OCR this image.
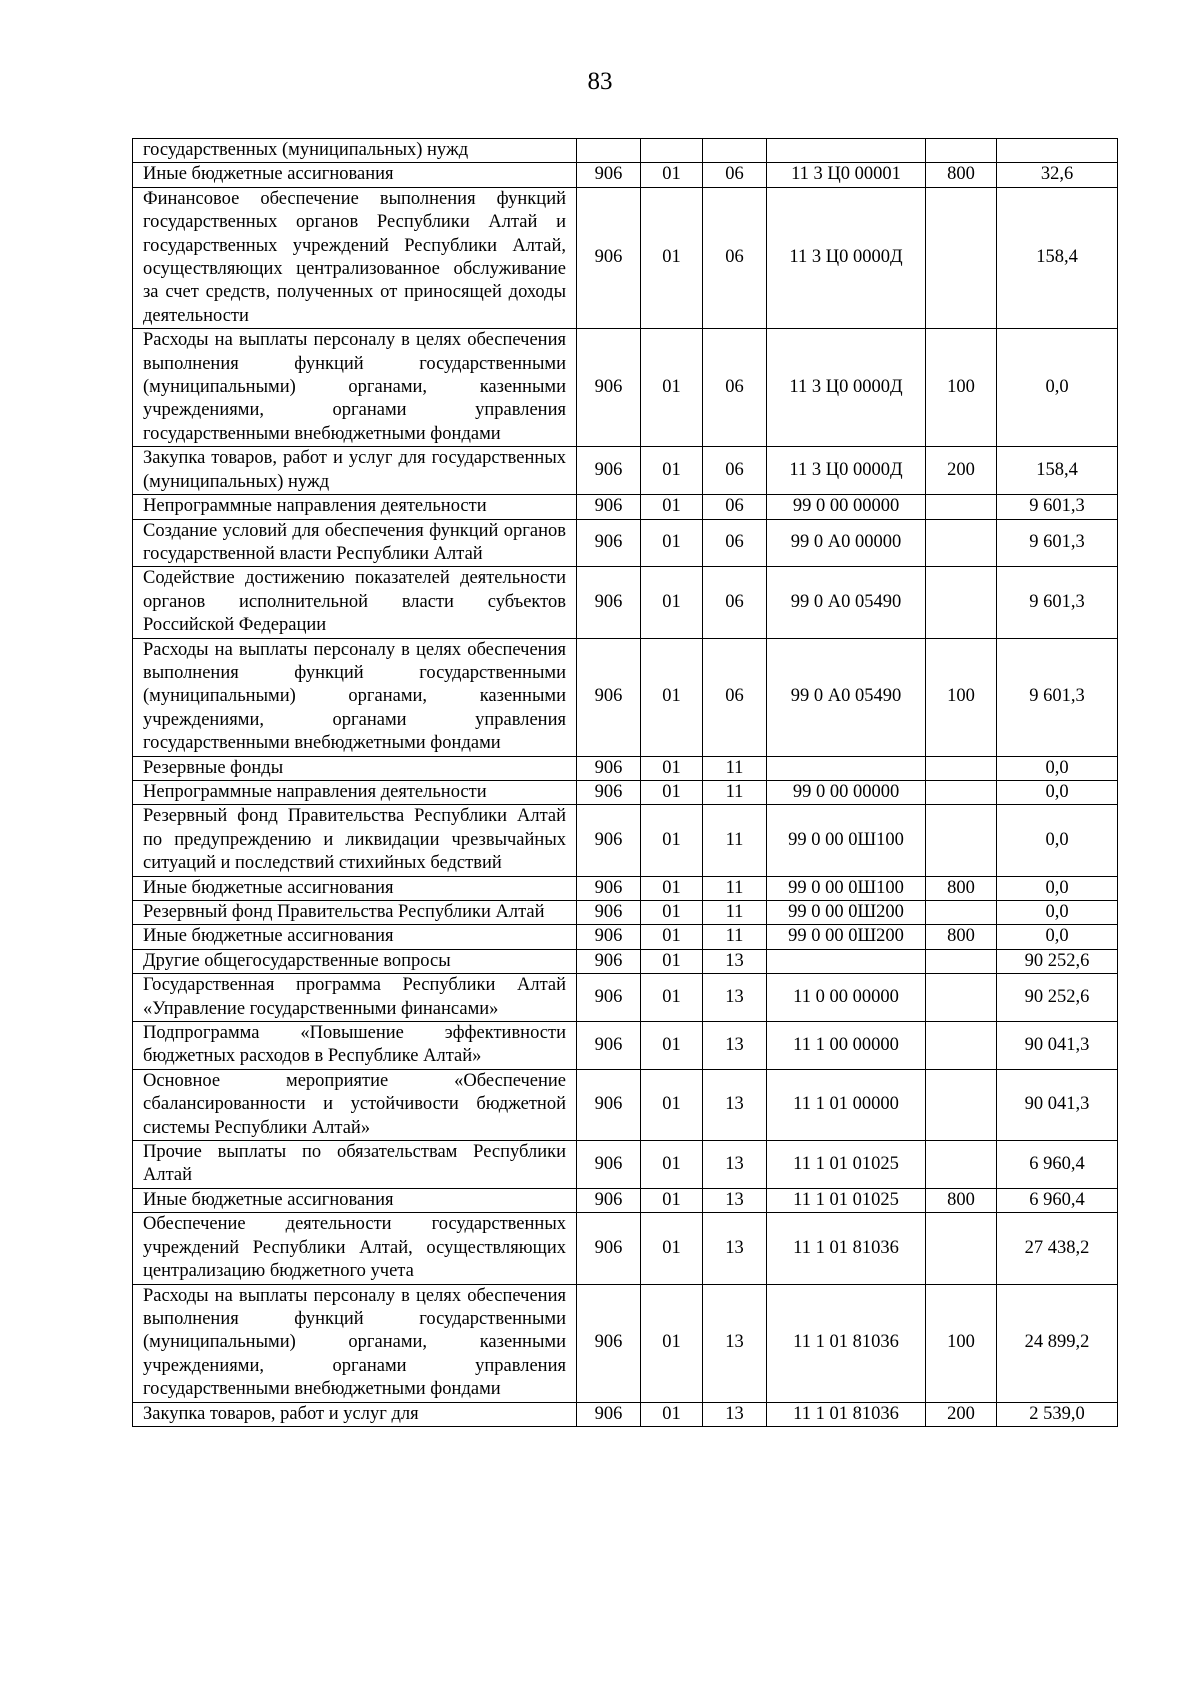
83
государственных (муниципальных) нужд						
Иные бюджетные ассигнования	906	01	06	11 3 Ц0 00001	800	32,6
Финансовое обеспечение выполнения функций государственных органов Республики Алтай и государственных учреждений Республики Алтай, осуществляющих централизованное обслуживание за счет средств, полученных от приносящей доходы деятельности	906	01	06	11 3 Ц0 0000Д		158,4
Расходы на выплаты персоналу в целях обеспечения выполнения функций государственными (муниципальными) органами, казенными учреждениями, органами управления государственными внебюджетными фондами	906	01	06	11 3 Ц0 0000Д	100	0,0
Закупка товаров, работ и услуг для государственных (муниципальных) нужд	906	01	06	11 3 Ц0 0000Д	200	158,4
Непрограммные направления деятельности	906	01	06	99 0 00 00000		9 601,3
Создание условий для обеспечения функций органов государственной власти Республики Алтай	906	01	06	99 0 А0 00000		9 601,3
Содействие достижению показателей деятельности органов исполнительной власти субъектов Российской Федерации	906	01	06	99 0 А0 05490		9 601,3
Расходы на выплаты персоналу в целях обеспечения выполнения функций государственными (муниципальными) органами, казенными учреждениями, органами управления государственными внебюджетными фондами	906	01	06	99 0 А0 05490	100	9 601,3
Резервные фонды	906	01	11			0,0
Непрограммные направления деятельности	906	01	11	99 0 00 00000		0,0
Резервный фонд Правительства Республики Алтай по предупреждению и ликвидации чрезвычайных ситуаций и последствий стихийных бедствий	906	01	11	99 0 00 0Ш100		0,0
Иные бюджетные ассигнования	906	01	11	99 0 00 0Ш100	800	0,0
Резервный фонд Правительства Республики Алтай	906	01	11	99 0 00 0Ш200		0,0
Иные бюджетные ассигнования	906	01	11	99 0 00 0Ш200	800	0,0
Другие общегосударственные вопросы	906	01	13			90 252,6
Государственная программа Республики Алтай «Управление государственными финансами»	906	01	13	11 0 00 00000		90 252,6
Подпрограмма «Повышение эффективности бюджетных расходов в Республике Алтай»	906	01	13	11 1 00 00000		90 041,3
Основное мероприятие «Обеспечение сбалансированности и устойчивости бюджетной системы Республики Алтай»	906	01	13	11 1 01 00000		90 041,3
Прочие выплаты по обязательствам Республики Алтай	906	01	13	11 1 01 01025		6 960,4
Иные бюджетные ассигнования	906	01	13	11 1 01 01025	800	6 960,4
Обеспечение деятельности государственных учреждений Республики Алтай, осуществляющих централизацию бюджетного учета	906	01	13	11 1 01 81036		27 438,2
Расходы на выплаты персоналу в целях обеспечения выполнения функций государственными (муниципальными) органами, казенными учреждениями, органами управления государственными внебюджетными фондами	906	01	13	11 1 01 81036	100	24 899,2
Закупка товаров, работ и услуг для	906	01	13	11 1 01 81036	200	2 539,0
